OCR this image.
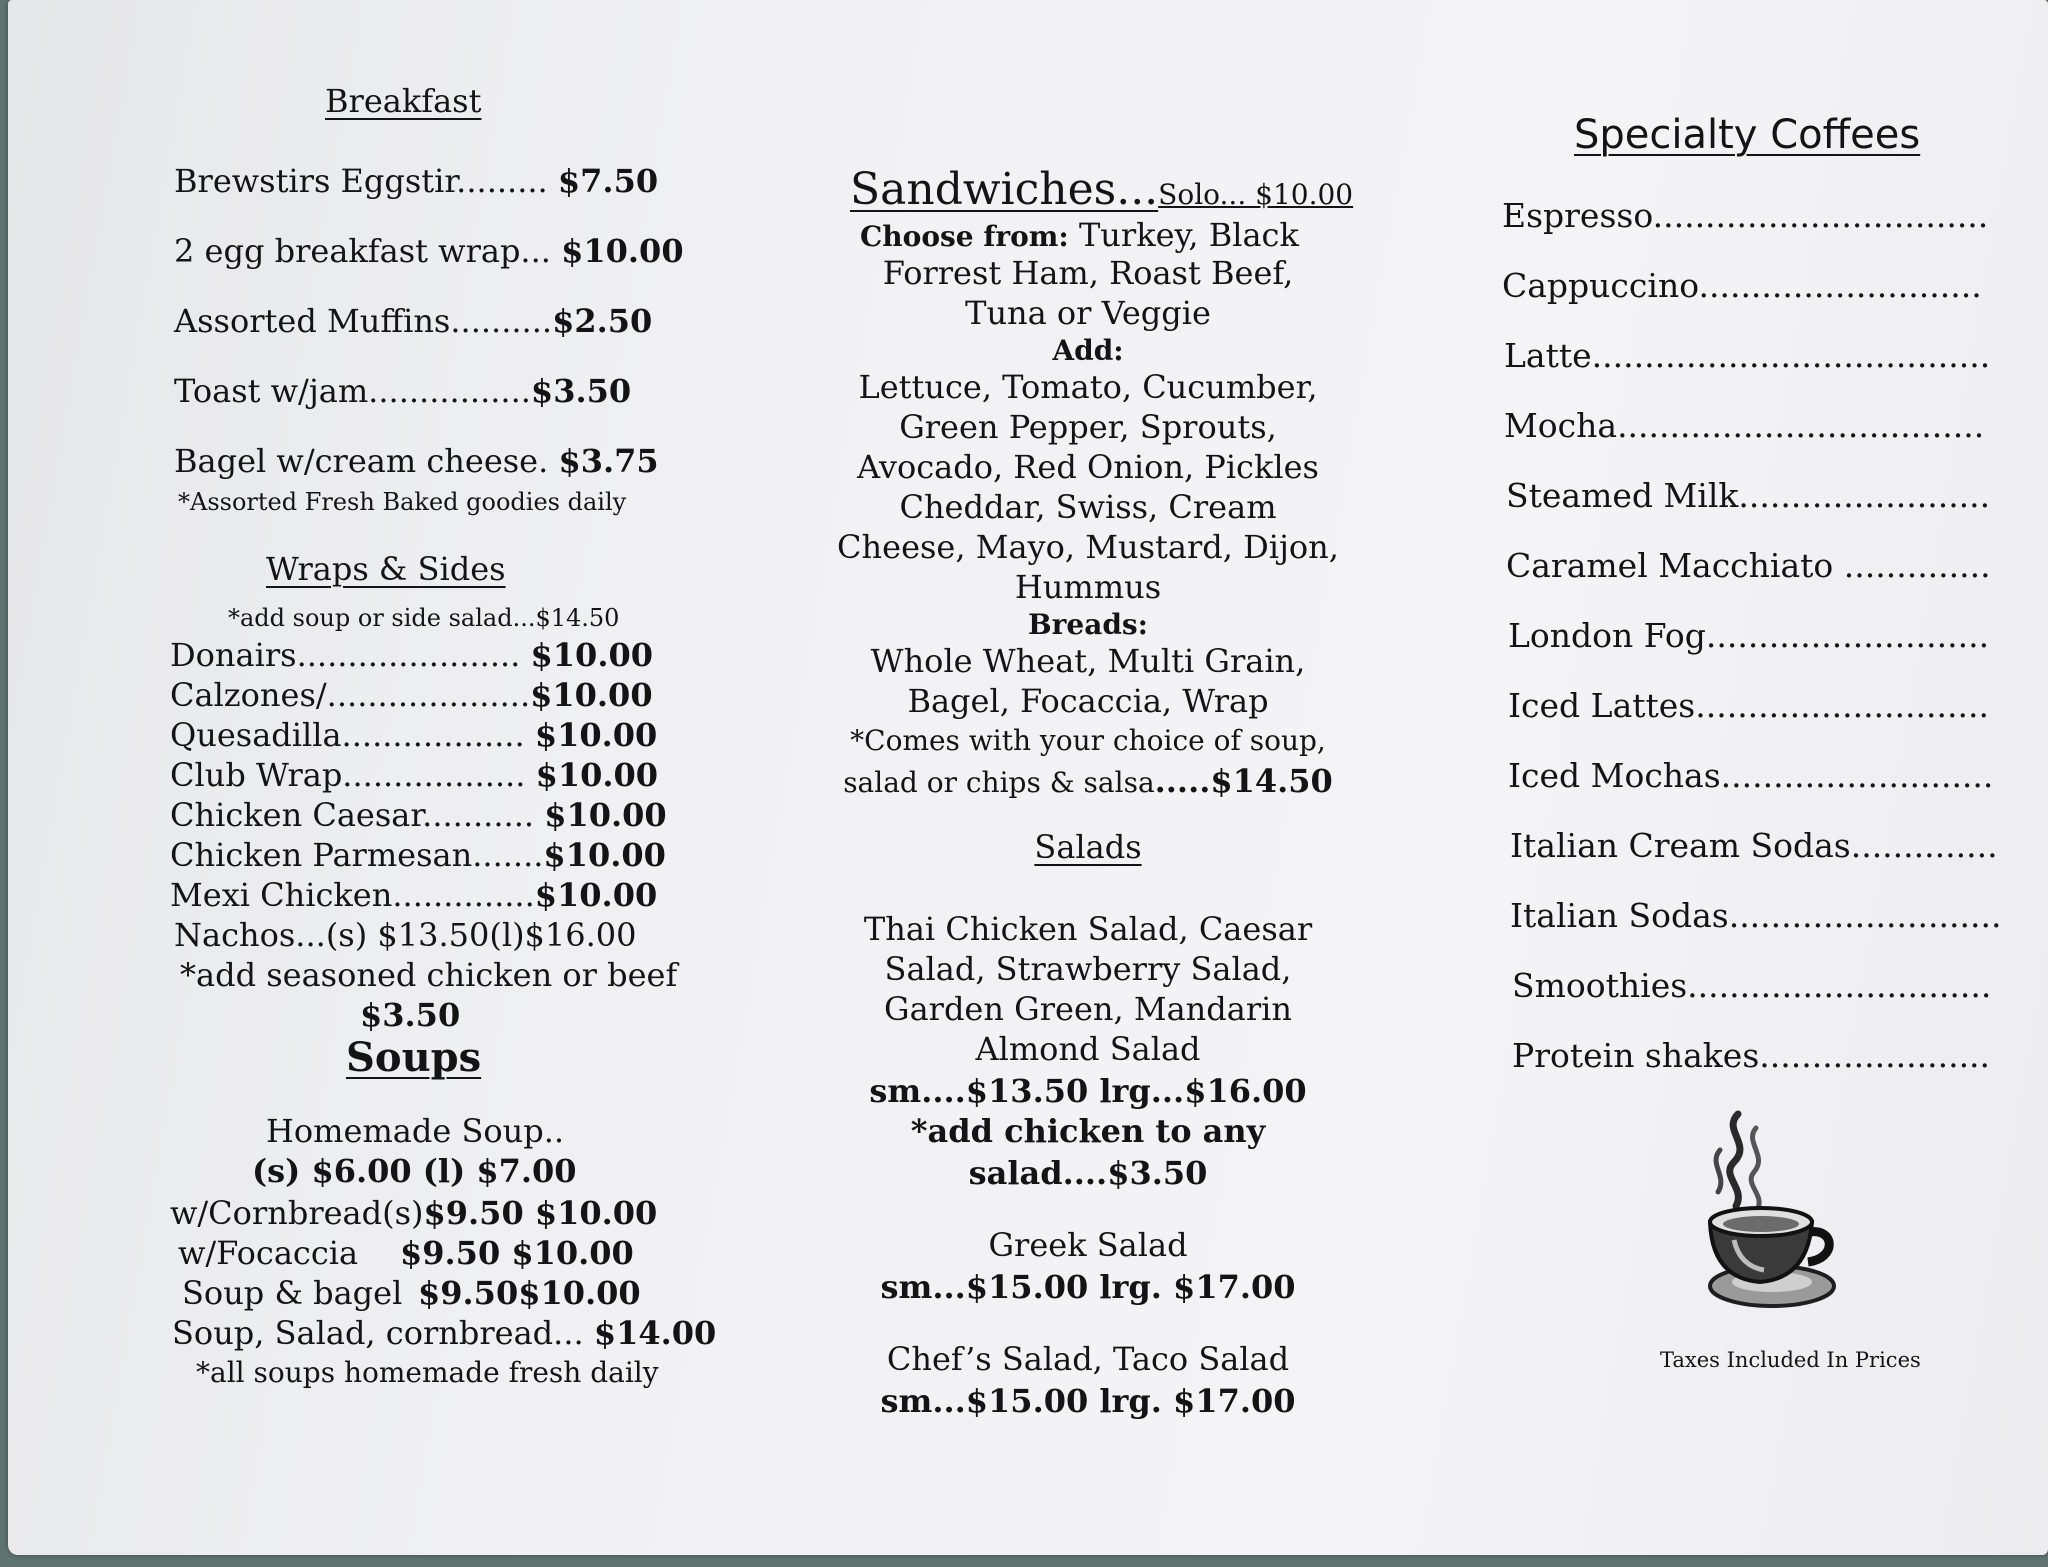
Breakfast
Brewstirs Eggstir......... $7.50
2 egg breakfast wrap... $10.00
Assorted Muffins..........$2.50
Toast w/jam................$3.50
Bagel w/cream cheese. $3.75
*Assorted Fresh Baked goodies daily
Wraps & Sides
*add soup or side salad...$14.50
Donairs...................... $10.00
Calzones/....................$10.00
Quesadilla.................. $10.00
Club Wrap.................. $10.00
Chicken Caesar........... $10.00
Chicken Parmesan.......$10.00
Mexi Chicken..............$10.00
Nachos...(s) $13.50(l)$16.00
*add seasoned chicken or beef
$3.50
Soups
Homemade Soup..
(s) $6.00 (l) $7.00
w/Cornbread(s)$9.50 $10.00
w/Focaccia $9.50 $10.00
Soup & bagel $9.50$10.00
Soup, Salad, cornbread... $14.00
*all soups homemade fresh daily
Sandwiches...Solo... $10.00
Choose from: Turkey, Black
Forrest Ham, Roast Beef,
Tuna or Veggie
Add:
Lettuce, Tomato, Cucumber,
Green Pepper, Sprouts,
Avocado, Red Onion, Pickles
Cheddar, Swiss, Cream
Cheese, Mayo, Mustard, Dijon,
Hummus
Breads:
Whole Wheat, Multi Grain,
Bagel, Focaccia, Wrap
*Comes with your choice of soup,
salad or chips & salsa.....$14.50
Salads
Thai Chicken Salad, Caesar
Salad, Strawberry Salad,
Garden Green, Mandarin
Almond Salad
sm....$13.50 lrg...$16.00
*add chicken to any
salad....$3.50
Greek Salad
sm...$15.00 lrg. $17.00
Chef’s Salad, Taco Salad
sm...$15.00 lrg. $17.00
Specialty Coffees
Espresso................................
Cappuccino...........................
Latte......................................
Mocha...................................
Steamed Milk........................
Caramel Macchiato ..............
London Fog...........................
Iced Lattes............................
Iced Mochas..........................
Italian Cream Sodas..............
Italian Sodas..........................
Smoothies.............................
Protein shakes......................
Taxes Included In Prices
